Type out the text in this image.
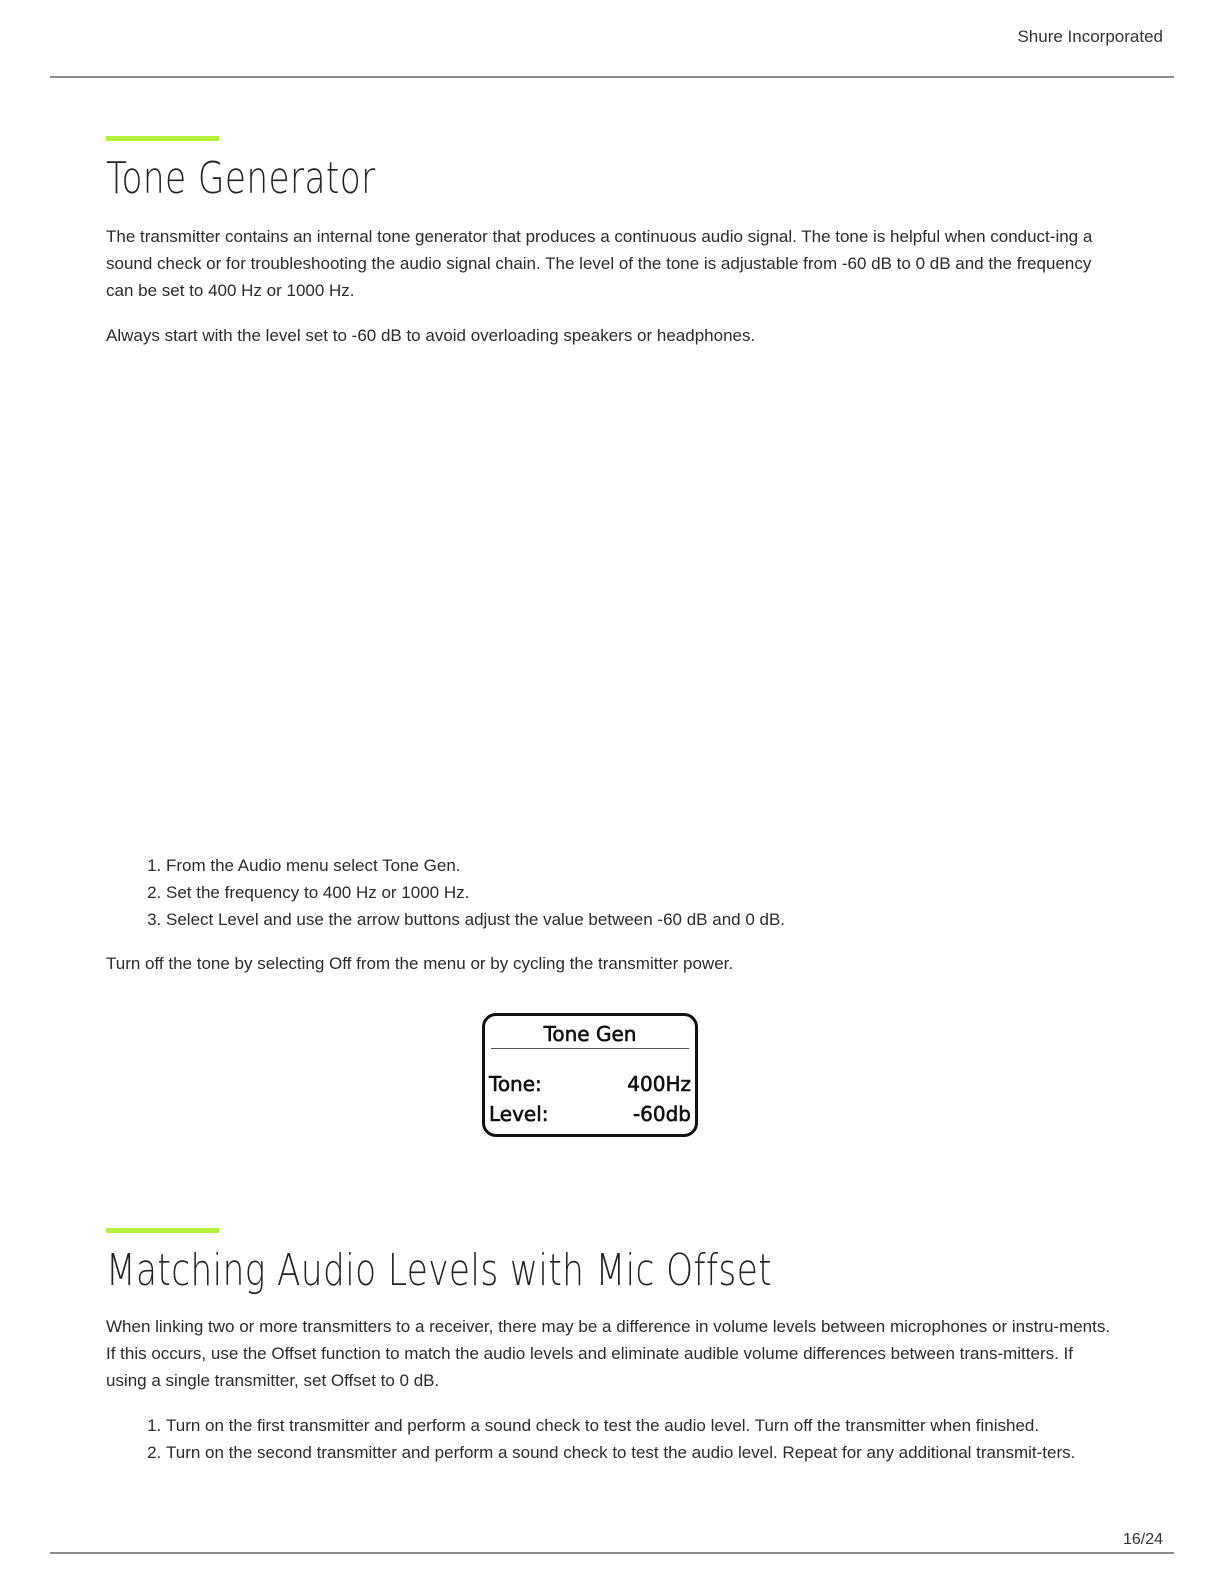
Shure Incorporated
Tone Generator

The transmitter contains an internal tone generator that produces a continuous audio signal. The tone is helpful when conduct-ing a sound check or for troubleshooting the audio signal chain. The level of the tone is adjustable from -60 dB to 0 dB and the frequency can be set to 400 Hz or 1000 Hz.

Always start with the level set to -60 dB to avoid overloading speakers or headphones.

1. From the Audio menu select Tone Gen.
2. Set the frequency to 400 Hz or 1000 Hz.
3. Select Level and use the arrow buttons adjust the value between -60 dB and 0 dB.

Turn off the tone by selecting Off from the menu or by cycling the transmitter power.

Tone Gen
Tone:	400Hz
Level:	-60db
Matching Audio Levels with Mic Offset

When linking two or more transmitters to a receiver, there may be a difference in volume levels between microphones or instru-ments. If this occurs, use the Offset function to match the audio levels and eliminate audible volume differences between trans-mitters. If using a single transmitter, set Offset to 0 dB.

1. Turn on the first transmitter and perform a sound check to test the audio level. Turn off the transmitter when finished.
2. Turn on the second transmitter and perform a sound check to test the audio level. Repeat for any additional transmit-ters.
16/24
